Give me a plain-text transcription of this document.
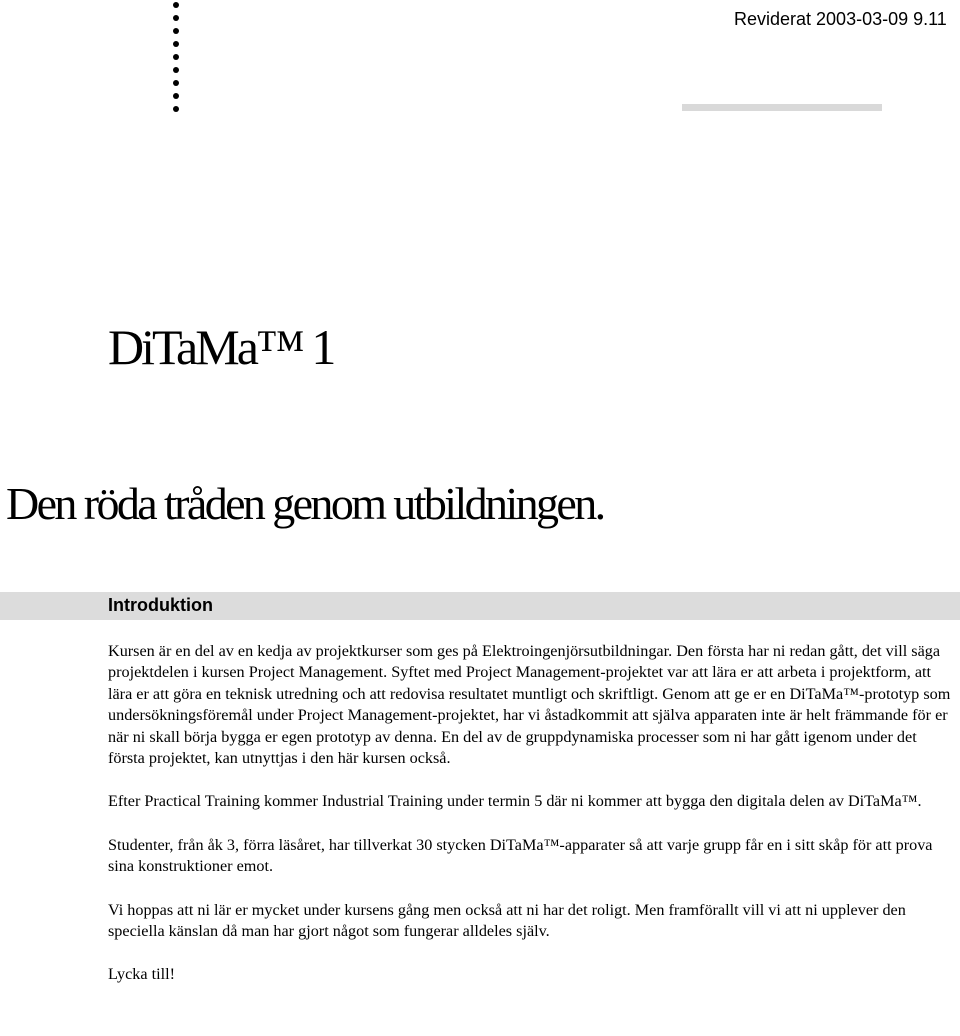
Reviderat 2003-03-09 9.11
DiTaMa™ 1
Den röda tråden genom utbildningen.
Introduktion

Kursen är en del av en kedja av projektkurser som ges på Elektroingenjörsutbildningar. Den första har ni redan gått, det vill säga projektdelen i kursen Project Management. Syftet med Project Management-projektet var att lära er att arbeta i projektform, att lära er att göra en teknisk utredning och att redovisa resultatet muntligt och skriftligt. Genom att ge er en DiTaMa™-prototyp som undersökningsföremål under Project Management-projektet, har vi åstadkommit att själva apparaten inte är helt främmande för er när ni skall börja bygga er egen prototyp av denna. En del av de gruppdynamiska processer som ni har gått igenom under det första projektet, kan utnyttjas i den här kursen också.

Efter Practical Training kommer Industrial Training under termin 5 där ni kommer att bygga den digitala delen av DiTaMa™.

Studenter, från åk 3, förra läsåret, har tillverkat 30 stycken DiTaMa™-apparater så att varje grupp får en i sitt skåp för att prova sina konstruktioner emot.

Vi hoppas att ni lär er mycket under kursens gång men också att ni har det roligt. Men framförallt vill vi att ni upplever den speciella känslan då man har gjort något som fungerar alldeles själv.

Lycka till!
